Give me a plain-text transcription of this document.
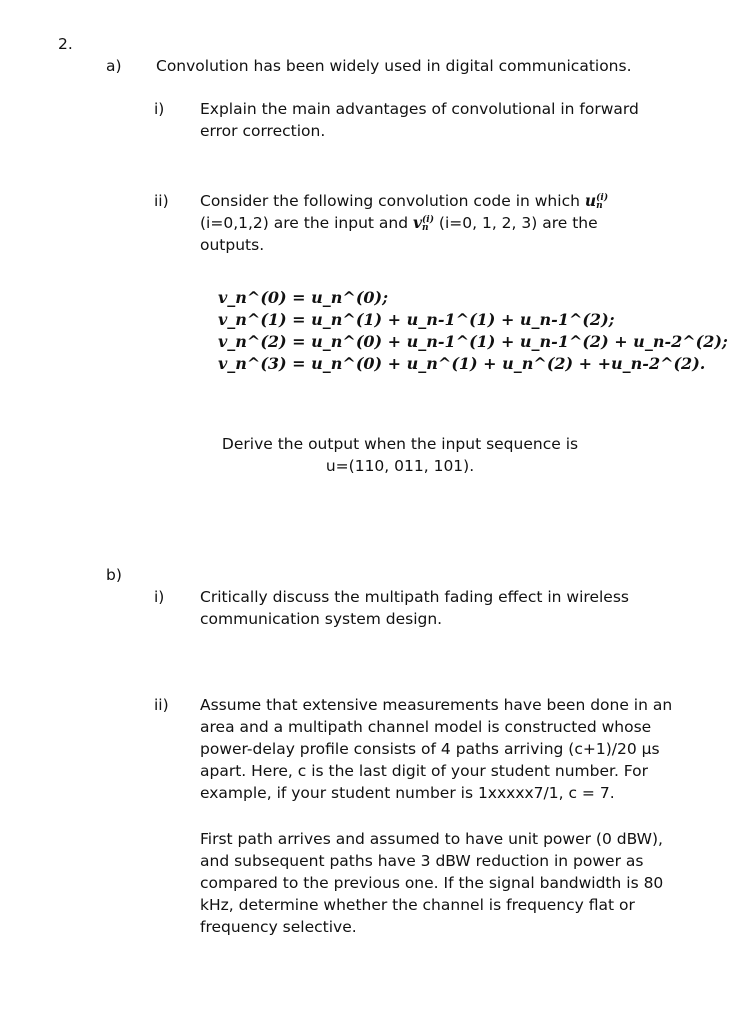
2.
a) Convolution has been widely used in digital communications.
i) Explain the main advantages of convolutional in forward error correction.
ii) Consider the following convolution code in which u (i)
n
(i=0,1,2) are the input and v (i)
n (i=0, 1, 2, 3) are the
outputs.
v_n^(0) = u_n^(0);
v_n^(1) = u_n^(1) + u_n-1^(1) + u_n-1^(2);
v_n^(2) = u_n^(0) + u_n-1^(1) + u_n-1^(2) + u_n-2^(2);
v_n^(3) = u_n^(0) + u_n^(1) + u_n^(2) + +u_n-2^(2).
Derive the output when the input sequence is
u=(110, 011, 101).
b)
i) Critically discuss the multipath fading effect in wireless communication system design.
ii) Assume that extensive measurements have been done in an area and a multipath channel model is constructed whose power-delay profile consists of 4 paths arriving (c+1)/20 µs apart. Here, c is the last digit of your student number. For example, if your student number is 1xxxxx7/1, c = 7.
First path arrives and assumed to have unit power (0 dBW), and subsequent paths have 3 dBW reduction in power as compared to the previous one. If the signal bandwidth is 80 kHz, determine whether the channel is frequency flat or frequency selective.
